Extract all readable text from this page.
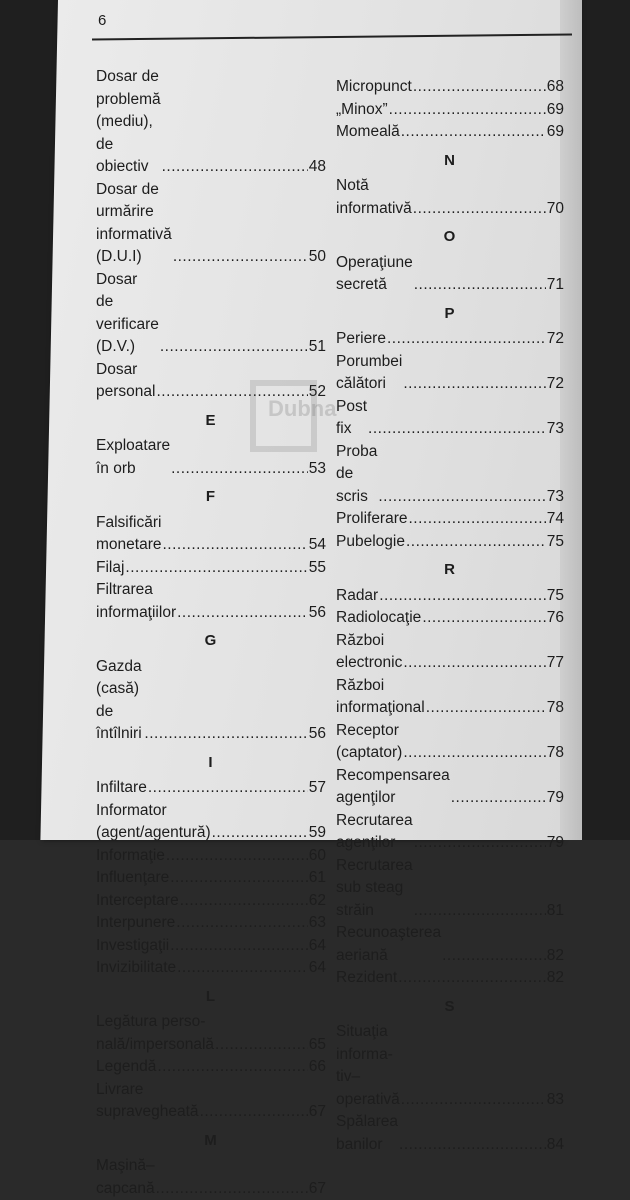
6
Dosar de problemă
(mediu), de obiectiv .....	48
Dosar de urmărire
informativă (D.U.I) .....	50
Dosar de verificare (D.V.) .....	51
Dosar personal .....	52
E
Exploatare în orb .....	53
F
Falsificări monetare .....	54
Filaj .....	55
Filtrarea informaţiilor .....	56
G
Gazda (casă) de întîlniri .....	56
I
Infiltare .....	57
Informator (agent/agentură) .....	59
Informaţie .....	60
Influenţare .....	61
Interceptare .....	62
Interpunere .....	63
Investigaţii .....	64
Invizibilitate .....	64
L
Legătura perso-
nală/impersonală .....	65
Legendă .....	66
Livrare supravegheată .....	67
M
Maşină–capcană .....	67
Micropunct .....	68
„Minox” .....	69
Momeală .....	69
N
Notă informativă .....	70
O
Operaţiune secretă .....	71
P
Periere .....	72
Porumbei călători .....	72
Post fix .....	73
Proba de scris .....	73
Proliferare .....	74
Pubelogie .....	75
R
Radar .....	75
Radiolocaţie .....	76
Război electronic .....	77
Război informaţional .....	78
Receptor (captator) .....	78
Recompensarea agenţilor .....	79
Recrutarea agenţilor .....	79
Recrutarea
sub steag străin .....	81
Recunoaşterea aeriană .....	82
Rezident .....	82
S
Situaţia informa-
tiv–operativă .....	83
Spălarea banilor .....	84
Dubna
